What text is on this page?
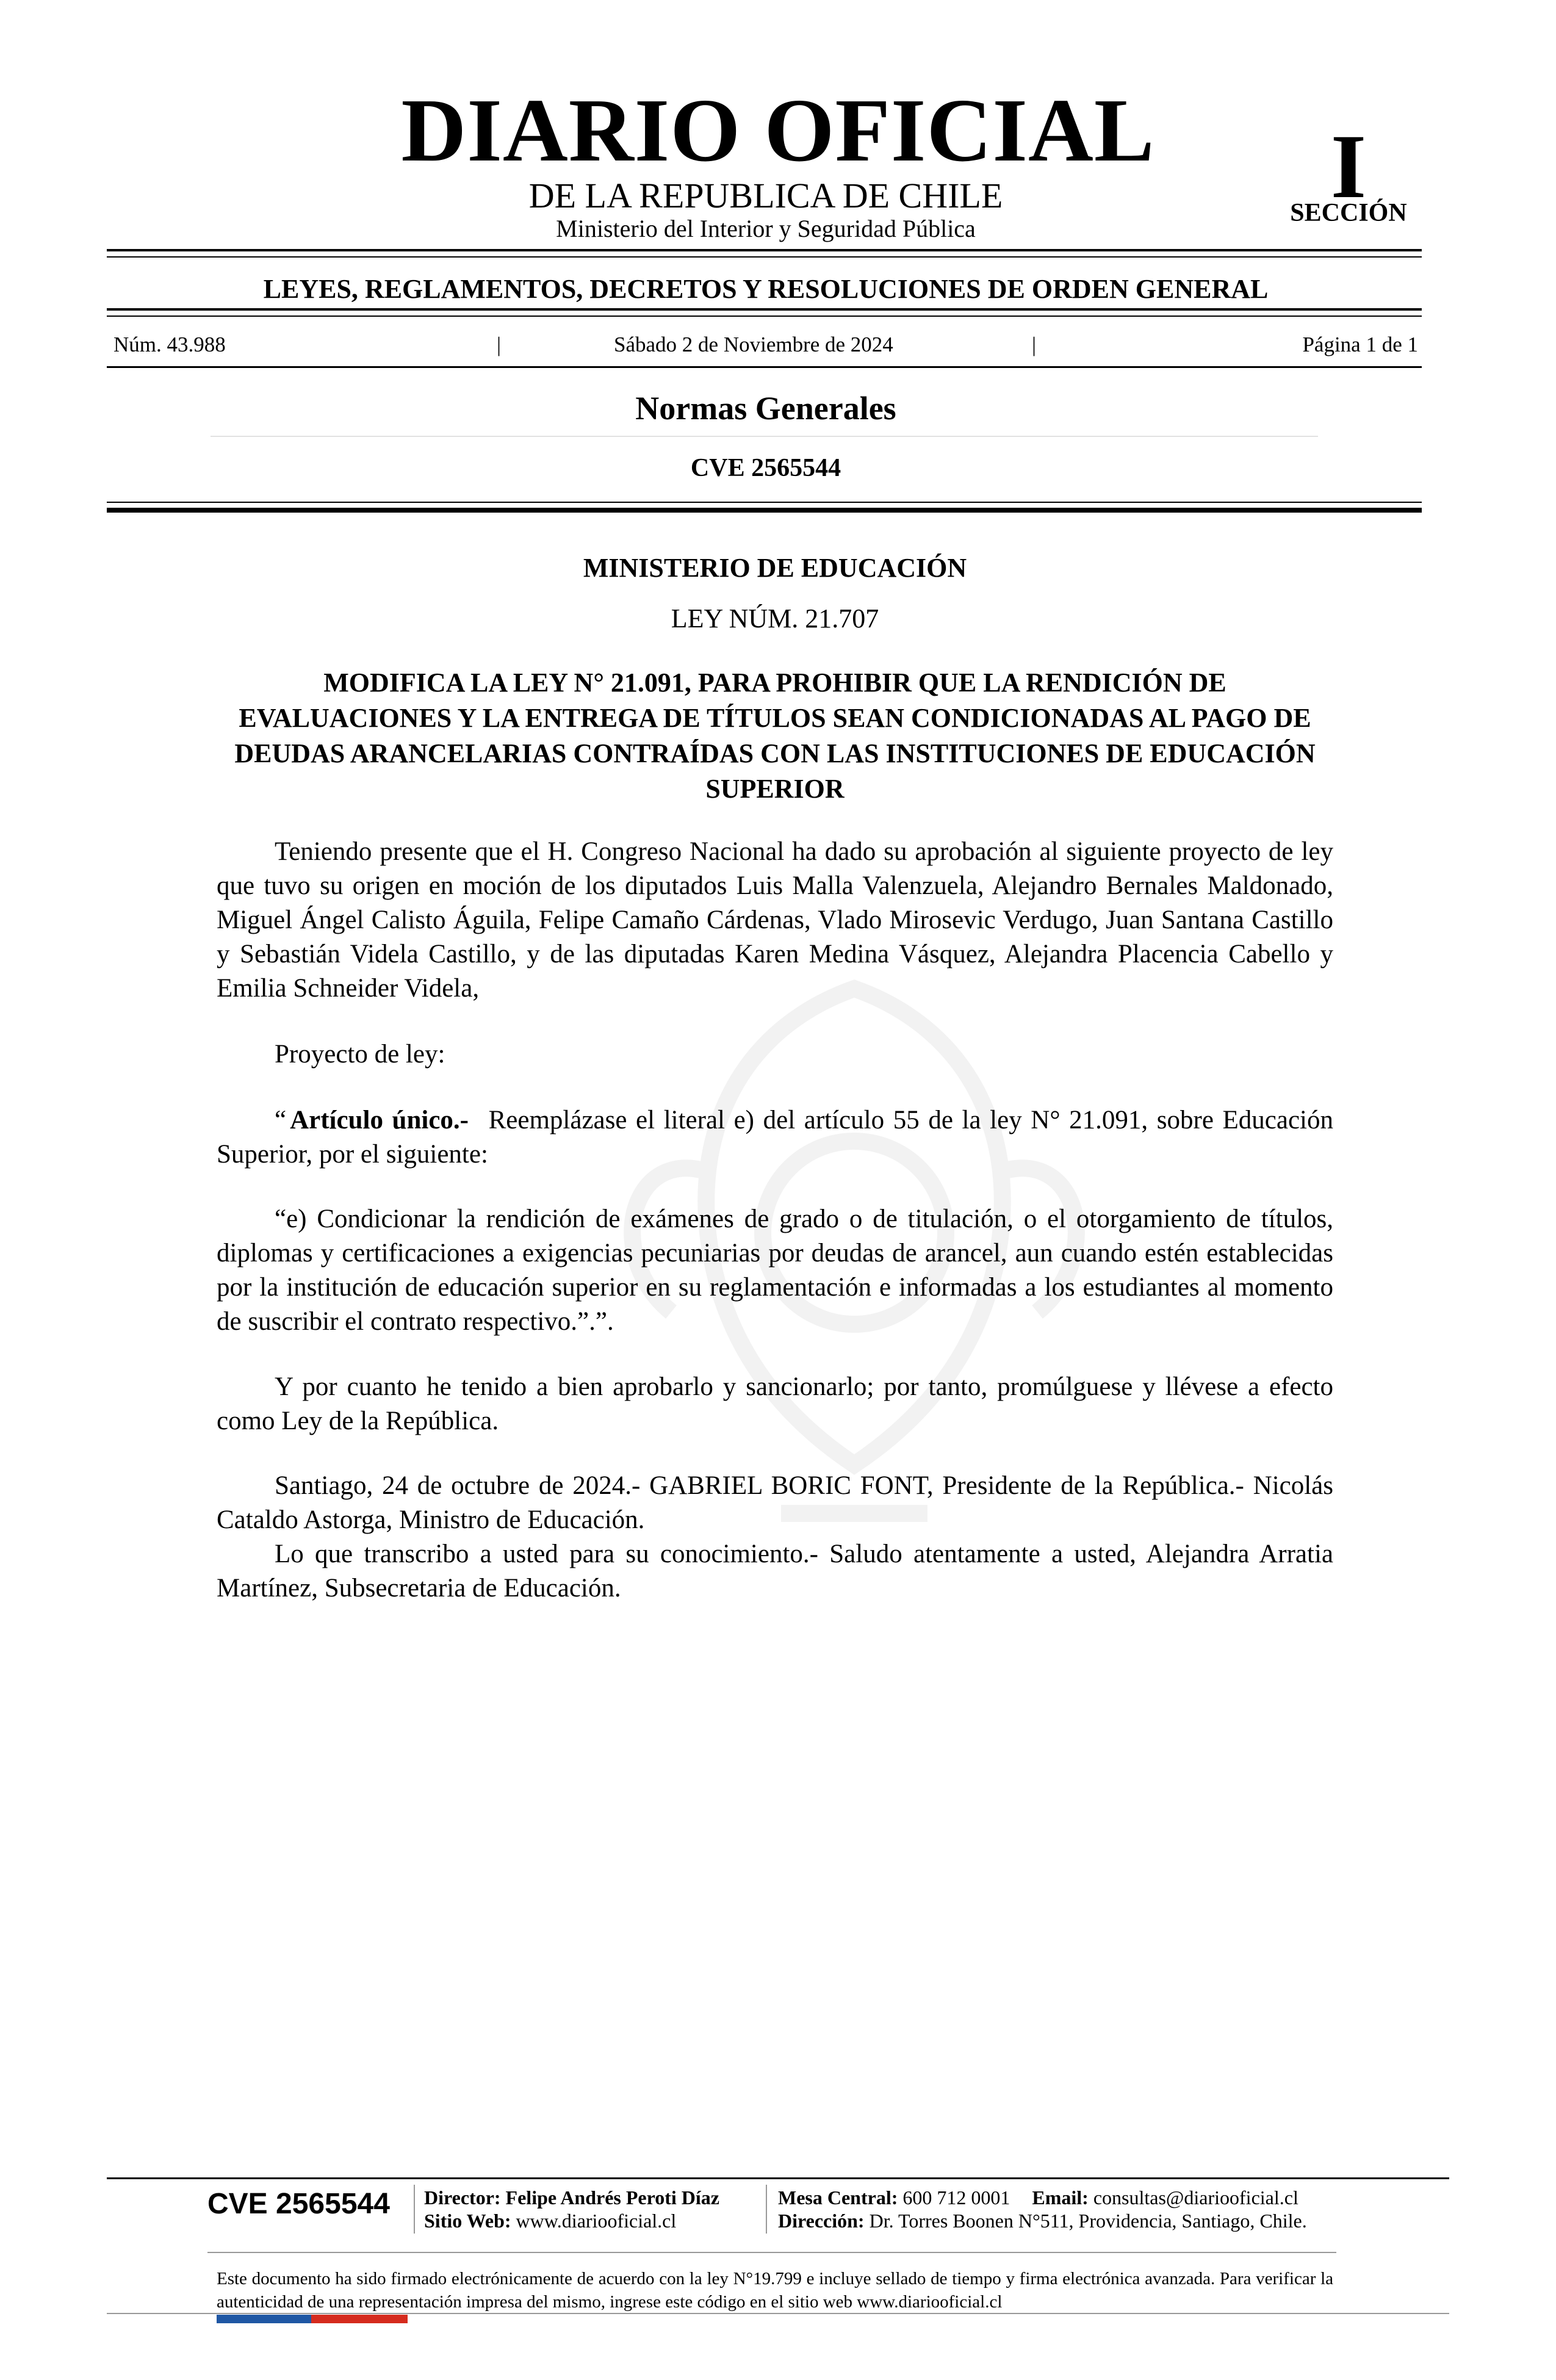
DIARIO OFICIAL
DE LA REPUBLICA DE CHILE
Ministerio del Interior y Seguridad Pública
I
SECCIÓN
LEYES, REGLAMENTOS, DECRETOS Y RESOLUCIONES DE ORDEN GENERAL
Núm. 43.988	|	Sábado 2 de Noviembre de 2024	|	Página 1 de 1
Normas Generales
CVE 2565544
MINISTERIO DE EDUCACIÓN
LEY NÚM. 21.707
MODIFICA LA LEY N° 21.091, PARA PROHIBIR QUE LA RENDICIÓN DE EVALUACIONES Y LA ENTREGA DE TÍTULOS SEAN CONDICIONADAS AL PAGO DE DEUDAS ARANCELARIAS CONTRAÍDAS CON LAS INSTITUCIONES DE EDUCACIÓN SUPERIOR

Teniendo presente que el H. Congreso Nacional ha dado su aprobación al siguiente proyecto de ley que tuvo su origen en moción de los diputados Luis Malla Valenzuela, Alejandro Bernales Maldonado, Miguel Ángel Calisto Águila, Felipe Camaño Cárdenas, Vlado Mirosevic Verdugo, Juan Santana Castillo y Sebastián Videla Castillo, y de las diputadas Karen Medina Vásquez, Alejandra Placencia Cabello y Emilia Schneider Videla,

Proyecto de ley:

“ Artículo único.- Reemplázase el literal e) del artículo 55 de la ley N° 21.091, sobre Educación Superior, por el siguiente:

“e) Condicionar la rendición de exámenes de grado o de titulación, o el otorgamiento de títulos, diplomas y certificaciones a exigencias pecuniarias por deudas de arancel, aun cuando estén establecidas por la institución de educación superior en su reglamentación e informadas a los estudiantes al momento de suscribir el contrato respectivo.”.”.

Y por cuanto he tenido a bien aprobarlo y sancionarlo; por tanto, promúlguese y llévese a efecto como Ley de la República.

Santiago, 24 de octubre de 2024.- GABRIEL BORIC FONT, Presidente de la República.- Nicolás Cataldo Astorga, Ministro de Educación.

Lo que transcribo a usted para su conocimiento.- Saludo atentamente a usted, Alejandra Arratia Martínez, Subsecretaria de Educación.

CVE 2565544	Director: Felipe Andrés Peroti Díaz
Sitio Web: www.diariooficial.cl
Mesa Central: 600 712 0001 Email: consultas@diariooficial.cl
Dirección: Dr. Torres Boonen N°511, Providencia, Santiago, Chile.
Este documento ha sido firmado electrónicamente de acuerdo con la ley N°19.799 e incluye sellado de tiempo y firma electrónica avanzada. Para verificar la autenticidad de una representación impresa del mismo, ingrese este código en el sitio web www.diariooficial.cl
